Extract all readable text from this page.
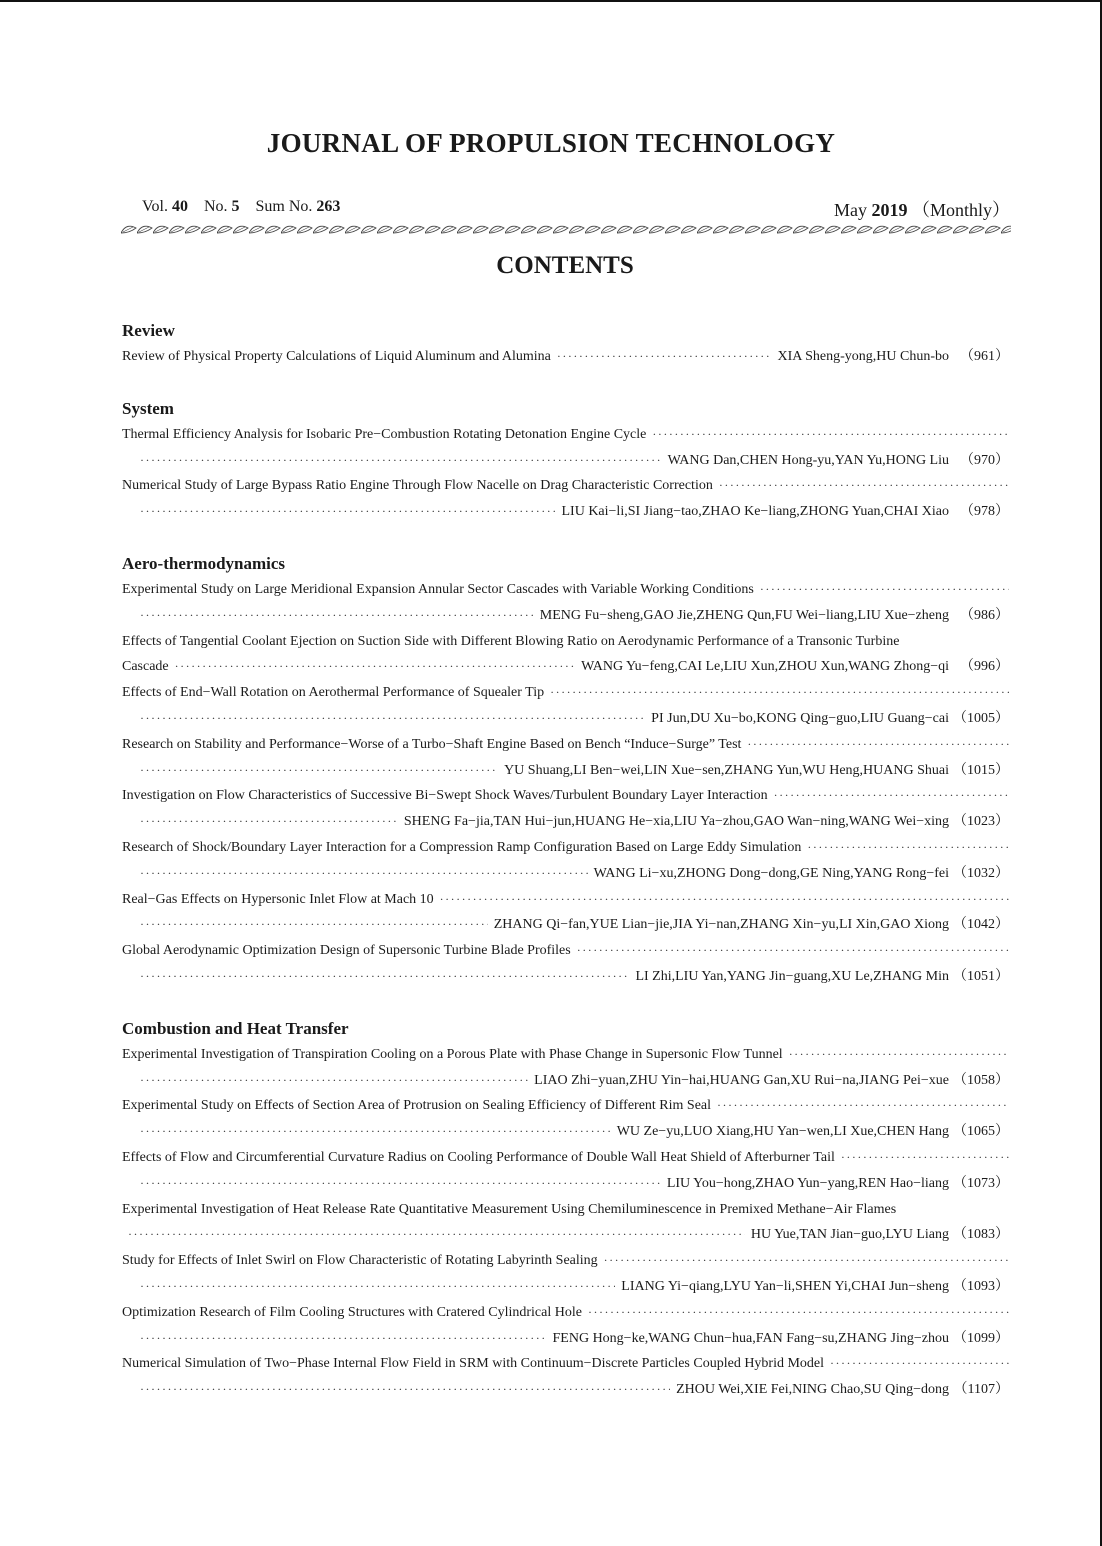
JOURNAL OF PROPULSION TECHNOLOGY
Vol. 40 No. 5 Sum No. 263	May 2019 （Monthly）
CONTENTS
Review
Review of Physical Property Calculations of Liquid Aluminum and Alumina ·····	XIA Sheng-yong,HU Chun-bo （961）
System
Thermal Efficiency Analysis for Isobaric Pre−Combustion Rotating Detonation Engine Cycle
·····
·····
WANG Dan,CHEN Hong-yu,YAN Yu,HONG Liu （970）
Numerical Study of Large Bypass Ratio Engine Through Flow Nacelle on Drag Characteristic Correction
·····
·····
LIU Kai−li,SI Jiang−tao,ZHAO Ke−liang,ZHONG Yuan,CHAI Xiao （978）
Aero-thermodynamics
Experimental Study on Large Meridional Expansion Annular Sector Cascades with Variable Working Conditions
·····
·····
MENG Fu−sheng,GAO Jie,ZHENG Qun,FU Wei−liang,LIU Xue−zheng （986）
Effects of Tangential Coolant Ejection on Suction Side with Different Blowing Ratio on Aerodynamic Performance of a Transonic Turbine
Cascade ·····	WANG Yu−feng,CAI Le,LIU Xun,ZHOU Xun,WANG Zhong−qi （996）
Effects of End−Wall Rotation on Aerothermal Performance of Squealer Tip
·····
·····
PI Jun,DU Xu−bo,KONG Qing−guo,LIU Guang−cai （1005）
Research on Stability and Performance−Worse of a Turbo−Shaft Engine Based on Bench “Induce−Surge” Test
·····
·····
YU Shuang,LI Ben−wei,LIN Xue−sen,ZHANG Yun,WU Heng,HUANG Shuai （1015）
Investigation on Flow Characteristics of Successive Bi−Swept Shock Waves/Turbulent Boundary Layer Interaction
·····
·····
SHENG Fa−jia,TAN Hui−jun,HUANG He−xia,LIU Ya−zhou,GAO Wan−ning,WANG Wei−xing （1023）
Research of Shock/Boundary Layer Interaction for a Compression Ramp Configuration Based on Large Eddy Simulation
·····
·····
WANG Li−xu,ZHONG Dong−dong,GE Ning,YANG Rong−fei （1032）
Real−Gas Effects on Hypersonic Inlet Flow at Mach 10
·····
·····
ZHANG Qi−fan,YUE Lian−jie,JIA Yi−nan,ZHANG Xin−yu,LI Xin,GAO Xiong （1042）
Global Aerodynamic Optimization Design of Supersonic Turbine Blade Profiles
·····
·····
LI Zhi,LIU Yan,YANG Jin−guang,XU Le,ZHANG Min （1051）
Combustion and Heat Transfer
Experimental Investigation of Transpiration Cooling on a Porous Plate with Phase Change in Supersonic Flow Tunnel
·····
·····
LIAO Zhi−yuan,ZHU Yin−hai,HUANG Gan,XU Rui−na,JIANG Pei−xue （1058）
Experimental Study on Effects of Section Area of Protrusion on Sealing Efficiency of Different Rim Seal
·····
·····
WU Ze−yu,LUO Xiang,HU Yan−wen,LI Xue,CHEN Hang （1065）
Effects of Flow and Circumferential Curvature Radius on Cooling Performance of Double Wall Heat Shield of Afterburner Tail
·····
·····
LIU You−hong,ZHAO Yun−yang,REN Hao−liang （1073）
Experimental Investigation of Heat Release Rate Quantitative Measurement Using Chemiluminescence in Premixed Methane−Air Flames
·····
HU Yue,TAN Jian−guo,LYU Liang （1083）
Study for Effects of Inlet Swirl on Flow Characteristic of Rotating Labyrinth Sealing
·····
·····
LIANG Yi−qiang,LYU Yan−li,SHEN Yi,CHAI Jun−sheng （1093）
Optimization Research of Film Cooling Structures with Cratered Cylindrical Hole
·····
·····
FENG Hong−ke,WANG Chun−hua,FAN Fang−su,ZHANG Jing−zhou （1099）
Numerical Simulation of Two−Phase Internal Flow Field in SRM with Continuum−Discrete Particles Coupled Hybrid Model
·····
·····
ZHOU Wei,XIE Fei,NING Chao,SU Qing−dong （1107）
